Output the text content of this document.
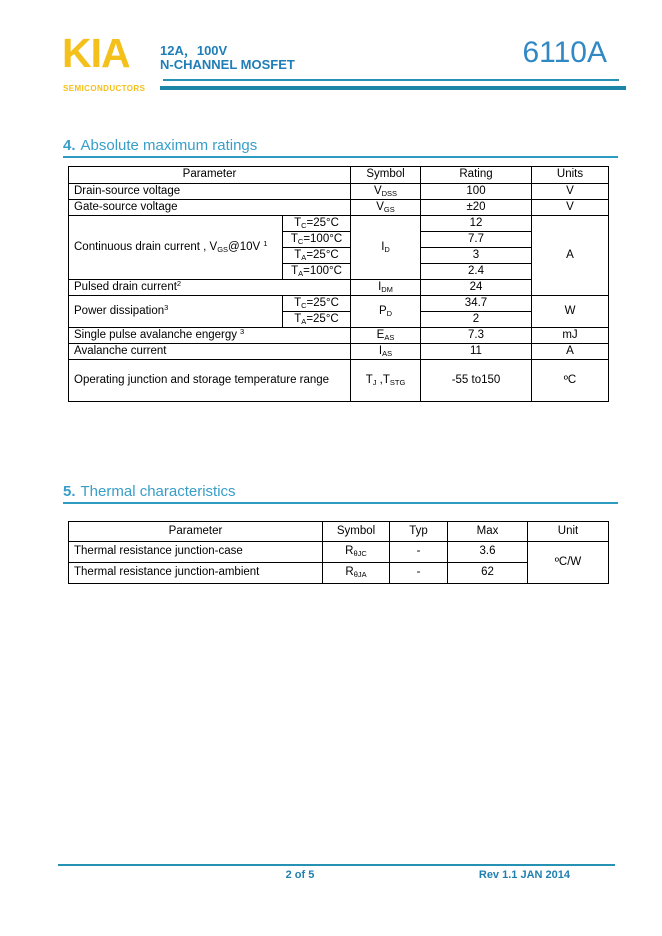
KIA
SEMICONDUCTORS
12A，100V
N-CHANNEL MOSFET	6110A
4. Absolute maximum ratings
Parameter		Symbol	Rating	Units
Drain-source voltage		$V_{DSS}$	100	V
Gate-source voltage		$V_{GS}$	±20	V
Continuous drain current , $V_{GS}@10V$ $^1$	$T_C=25^\circ C$	$I_D$	12	A
	$T_C=100^\circ C$		7.7	
	$T_A=25^\circ C$		3	
	$T_A=100^\circ C$		2.4	
Pulsed drain current$^2$		$I_{DM}$	24	
Power dissipation$^3$	$T_C=25^\circ C$	$P_D$	34.7	W
	$T_A=25^\circ C$		2	
Single pulse avalanche engergy $^3$		$E_{AS}$	7.3	mJ
Avalanche current		$I_{AS}$	11	A
Operating junction and storage temperature range		$T_J$ $,T_{STG}$	-55 to150	ºC
5. Thermal characteristics
Parameter	Symbol	Typ	Max	Unit
Thermal resistance junction-case	$R_{\theta JC}$	-	3.6	ºC/W
Thermal resistance junction-ambient	$R_{\theta JA}$	-	62	
2 of 5	Rev 1.1 JAN 2014
